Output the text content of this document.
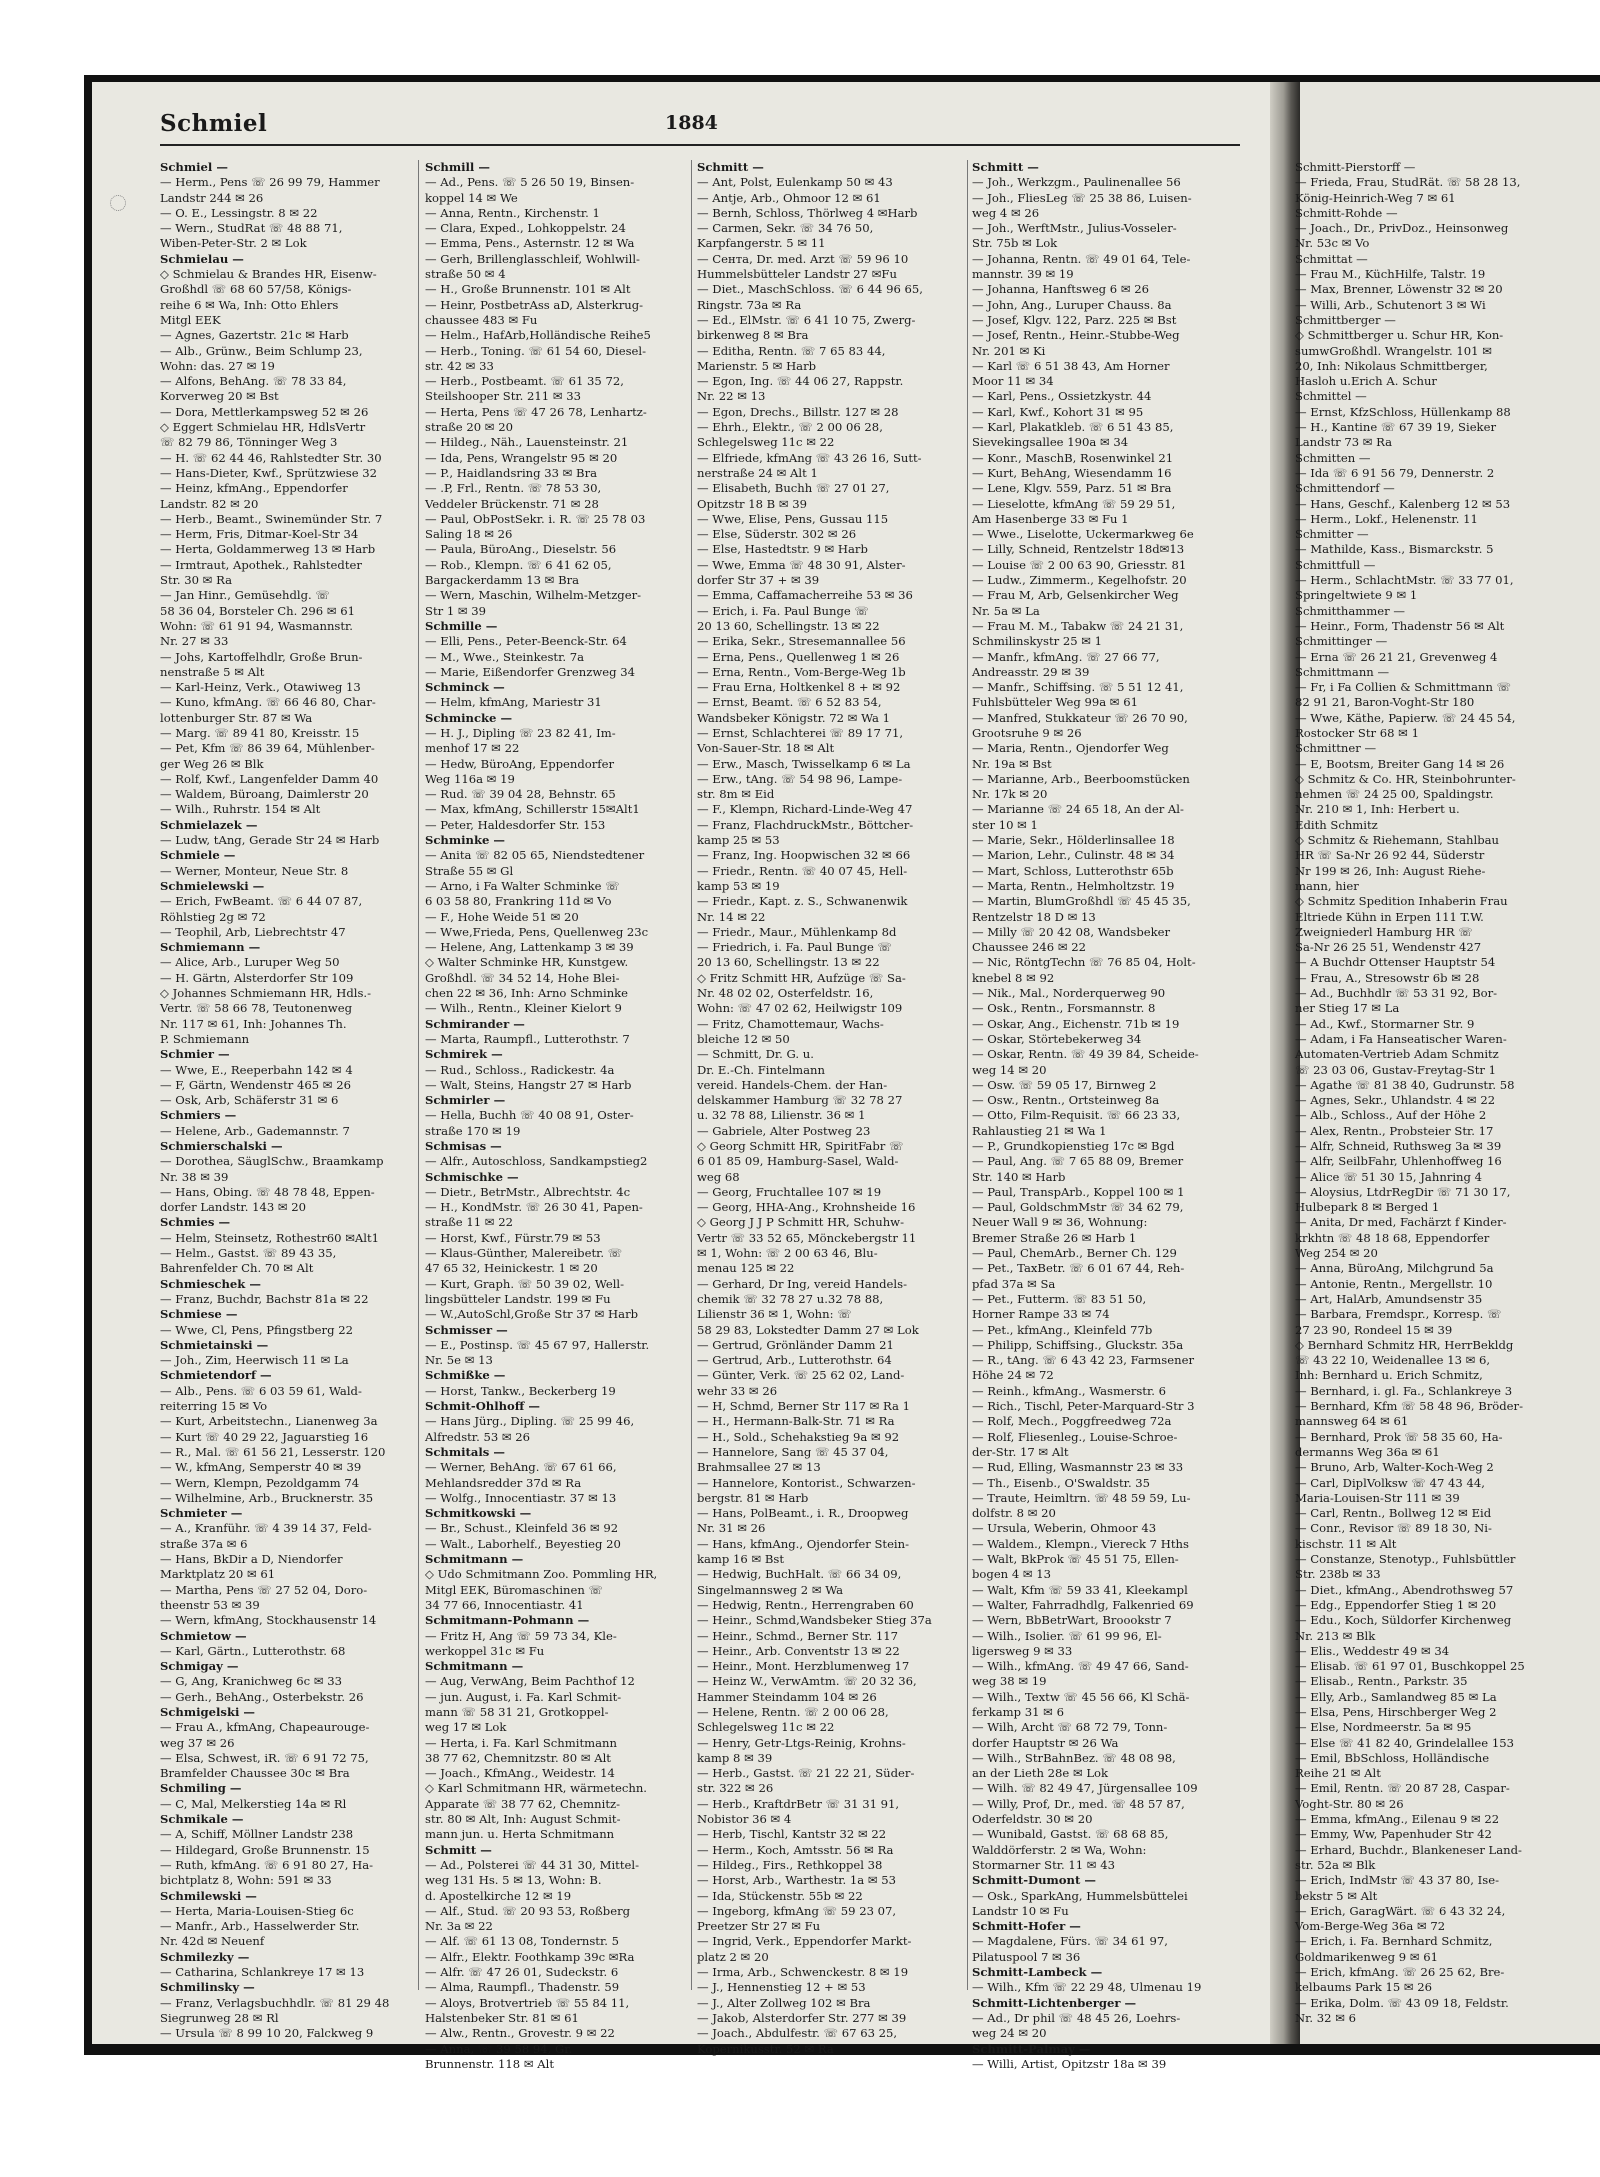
Schmiel	1884
Schmiel —
— Herm., Pens ☏ 26 99 79, Hammer
Landstr 244 ✉ 26
— O. E., Lessingstr. 8 ✉ 22
— Wern., StudRat ☏ 48 88 71,
Wiben-Peter-Str. 2 ✉ Lok
Schmielau —
◇ Schmielau & Brandes HR, Eisenw-
Großhdl ☏ 68 60 57/58, Königs-
reihe 6 ✉ Wa, Inh: Otto Ehlers
Mitgl EEK
— Agnes, Gazertstr. 21c ✉ Harb
— Alb., Grünw., Beim Schlump 23,
Wohn: das. 27 ✉ 19
— Alfons, BehAng. ☏ 78 33 84,
Korverweg 20 ✉ Bst
— Dora, Mettlerkampsweg 52 ✉ 26
◇ Eggert Schmielau HR, HdlsVertr
☏ 82 79 86, Tönninger Weg 3
— H. ☏ 62 44 46, Rahlstedter Str. 30
— Hans-Dieter, Kwf., Sprützwiese 32
— Heinz, kfmAng., Eppendorfer
Landstr. 82 ✉ 20
— Herb., Beamt., Swinemünder Str. 7
— Herm, Fris, Ditmar-Koel-Str 34
— Herta, Goldammerweg 13 ✉ Harb
— Irmtraut, Apothek., Rahlstedter
Str. 30 ✉ Ra
— Jan Hinr., Gemüsehdlg. ☏
58 36 04, Borsteler Ch. 296 ✉ 61
Wohn: ☏ 61 91 94, Wasmannstr.
Nr. 27 ✉ 33
— Johs, Kartoffelhdlr, Große Brun-
nenstraße 5 ✉ Alt
— Karl-Heinz, Verk., Otawiweg 13
— Kuno, kfmAng. ☏ 66 46 80, Char-
lottenburger Str. 87 ✉ Wa
— Marg. ☏ 89 41 80, Kreisstr. 15
— Pet, Kfm ☏ 86 39 64, Mühlenber-
ger Weg 26 ✉ Blk
— Rolf, Kwf., Langenfelder Damm 40
— Waldem, Büroang, Daimlerstr 20
— Wilh., Ruhrstr. 154 ✉ Alt
Schmielazek —
— Ludw, tAng, Gerade Str 24 ✉ Harb
Schmiele —
— Werner, Monteur, Neue Str. 8
Schmielewski —
— Erich, FwBeamt. ☏ 6 44 07 87,
Röhlstieg 2g ✉ 72
— Teophil, Arb, Liebrechtstr 47
Schmiemann —
— Alice, Arb., Luruper Weg 50
— H. Gärtn, Alsterdorfer Str 109
◇ Johannes Schmiemann HR, Hdls.-
Vertr. ☏ 58 66 78, Teutonenweg
Nr. 117 ✉ 61, Inh: Johannes Th.
P. Schmiemann
Schmier —
— Wwe, E., Reeperbahn 142 ✉ 4
— F, Gärtn, Wendenstr 465 ✉ 26
— Osk, Arb, Schäferstr 31 ✉ 6
Schmiers —
— Helene, Arb., Gademannstr. 7
Schmierschalski —
— Dorothea, SäuglSchw., Braamkamp
Nr. 38 ✉ 39
— Hans, Obing. ☏ 48 78 48, Eppen-
dorfer Landstr. 143 ✉ 20
Schmies —
— Helm, Steinsetz, Rothestr60 ✉Alt1
— Helm., Gastst. ☏ 89 43 35,
Bahrenfelder Ch. 70 ✉ Alt
Schmieschek —
— Franz, Buchdr, Bachstr 81a ✉ 22
Schmiese —
— Wwe, Cl, Pens, Pfingstberg 22
Schmietainski —
— Joh., Zim, Heerwisch 11 ✉ La
Schmietendorf —
— Alb., Pens. ☏ 6 03 59 61, Wald-
reiterring 15 ✉ Vo
— Kurt, Arbeitstechn., Lianenweg 3a
— Kurt ☏ 40 29 22, Jaguarstieg 16
— R., Mal. ☏ 61 56 21, Lesserstr. 120
— W., kfmAng, Semperstr 40 ✉ 39
— Wern, Klempn, Pezoldgamm 74
— Wilhelmine, Arb., Brucknerstr. 35
Schmieter —
— A., Kranführ. ☏ 4 39 14 37, Feld-
straße 37a ✉ 6
— Hans, BkDir a D, Niendorfer
Marktplatz 20 ✉ 61
— Martha, Pens ☏ 27 52 04, Doro-
theenstr 53 ✉ 39
— Wern, kfmAng, Stockhausenstr 14
Schmietow —
— Karl, Gärtn., Lutterothstr. 68
Schmigay —
— G, Ang, Kranichweg 6c ✉ 33
— Gerh., BehAng., Osterbekstr. 26
Schmigelski —
— Frau A., kfmAng, Chapeaurouge-
weg 37 ✉ 26
— Elsa, Schwest, iR. ☏ 6 91 72 75,
Bramfelder Chaussee 30c ✉ Bra
Schmiling —
— C, Mal, Melkerstieg 14a ✉ Rl
Schmikale —
— A, Schiff, Möllner Landstr 238
— Hildegard, Große Brunnenstr. 15
— Ruth, kfmAng. ☏ 6 91 80 27, Ha-
bichtplatz 8, Wohn: 591 ✉ 33
Schmilewski —
— Herta, Maria-Louisen-Stieg 6c
— Manfr., Arb., Hasselwerder Str.
Nr. 42d ✉ Neuenf
Schmilezky —
— Catharina, Schlankreye 17 ✉ 13
Schmilinsky —
— Franz, Verlagsbuchhdlr. ☏ 81 29 48
Siegrunweg 28 ✉ Rl
— Ursula ☏ 8 99 10 20, Falckweg 9
Schmill —
— Ad., Pens. ☏ 5 26 50 19, Binsen-
koppel 14 ✉ We
— Anna, Rentn., Kirchenstr. 1
— Clara, Exped., Lohkoppelstr. 24
— Emma, Pens., Asternstr. 12 ✉ Wa
— Gerh, Brillenglasschleif, Wohlwill-
straße 50 ✉ 4
— H., Große Brunnenstr. 101 ✉ Alt
— Heinr, PostbetrAss aD, Alsterkrug-
chaussee 483 ✉ Fu
— Helm., HafArb,Holländische Reihe5
— Herb., Toning. ☏ 61 54 60, Diesel-
str. 42 ✉ 33
— Herb., Postbeamt. ☏ 61 35 72,
Steilshooper Str. 211 ✉ 33
— Herta, Pens ☏ 47 26 78, Lenhartz-
straße 20 ✉ 20
— Hildeg., Näh., Lauensteinstr. 21
— Ida, Pens, Wrangelstr 95 ✉ 20
— P., Haidlandsring 33 ✉ Bra
— .P, Frl., Rentn. ☏ 78 53 30,
Veddeler Brückenstr. 71 ✉ 28
— Paul, ObPostSekr. i. R. ☏ 25 78 03
Saling 18 ✉ 26
— Paula, BüroAng., Dieselstr. 56
— Rob., Klempn. ☏ 6 41 62 05,
Bargackerdamm 13 ✉ Bra
— Wern, Maschin, Wilhelm-Metzger-
Str 1 ✉ 39
Schmille —
— Elli, Pens., Peter-Beenck-Str. 64
— M., Wwe., Steinkestr. 7a
— Marie, Eißendorfer Grenzweg 34
Schminck —
— Helm, kfmAng, Mariestr 31
Schmincke —
— H. J., Dipling ☏ 23 82 41, Im-
menhof 17 ✉ 22
— Hedw, BüroAng, Eppendorfer
Weg 116a ✉ 19
— Rud. ☏ 39 04 28, Behnstr. 65
— Max, kfmAng, Schillerstr 15✉Alt1
— Peter, Haldesdorfer Str. 153
Schminke —
— Anita ☏ 82 05 65, Niendstedtener
Straße 55 ✉ Gl
— Arno, i Fa Walter Schminke ☏
6 03 58 80, Frankring 11d ✉ Vo
— F., Hohe Weide 51 ✉ 20
— Wwe,Frieda, Pens, Quellenweg 23c
— Helene, Ang, Lattenkamp 3 ✉ 39
◇ Walter Schminke HR, Kunstgew.
Großhdl. ☏ 34 52 14, Hohe Blei-
chen 22 ✉ 36, Inh: Arno Schminke
— Wilh., Rentn., Kleiner Kielort 9
Schmirander —
— Marta, Raumpfl., Lutterothstr. 7
Schmirek —
— Rud., Schloss., Radickestr. 4a
— Walt, Steins, Hangstr 27 ✉ Harb
Schmirler —
— Hella, Buchh ☏ 40 08 91, Oster-
straße 170 ✉ 19
Schmisas —
— Alfr., Autoschloss, Sandkampstieg2
Schmischke —
— Dietr., BetrMstr., Albrechtstr. 4c
— H., KondMstr. ☏ 26 30 41, Papen-
straße 11 ✉ 22
— Horst, Kwf., Fürstr.79 ✉ 53
— Klaus-Günther, Malereibetr. ☏
47 65 32, Heinickestr. 1 ✉ 20
— Kurt, Graph. ☏ 50 39 02, Well-
lingsbütteler Landstr. 199 ✉ Fu
— W.,AutoSchl,Große Str 37 ✉ Harb
Schmisser —
— E., Postinsp. ☏ 45 67 97, Hallerstr.
Nr. 5e ✉ 13
Schmißke —
— Horst, Tankw., Beckerberg 19
Schmit-Ohlhoff —
— Hans Jürg., Dipling. ☏ 25 99 46,
Alfredstr. 53 ✉ 26
Schmitals —
— Werner, BehAng. ☏ 67 61 66,
Mehlandsredder 37d ✉ Ra
— Wolfg., Innocentiastr. 37 ✉ 13
Schmitkowski —
— Br., Schust., Kleinfeld 36 ✉ 92
— Walt., Laborhelf., Beyestieg 20
Schmitmann —
◇ Udo Schmitmann Zoo. Pommling HR,
Mitgl EEK, Büromaschinen ☏
34 77 66, Innocentiastr. 41
Schmitmann-Pohmann —
— Fritz H, Ang ☏ 59 73 34, Kle-
werkoppel 31c ✉ Fu
Schmitmann —
— Aug, VerwAng, Beim Pachthof 12
— jun. August, i. Fa. Karl Schmit-
mann ☏ 58 31 21, Grotkoppel-
weg 17 ✉ Lok
— Herta, i. Fa. Karl Schmitmann
38 77 62, Chemnitzstr. 80 ✉ Alt
— Joach., KfmAng., Weidestr. 14
◇ Karl Schmitmann HR, wärmetechn.
Apparate ☏ 38 77 62, Chemnitz-
str. 80 ✉ Alt, Inh: August Schmit-
mann jun. u. Herta Schmitmann
Schmitt —
— Ad., Polsterei ☏ 44 31 30, Mittel-
weg 131 Hs. 5 ✉ 13, Wohn: B.
d. Apostelkirche 12 ✉ 19
— Alf., Stud. ☏ 20 93 53, Roßberg
Nr. 3a ✉ 22
— Alf. ☏ 61 13 08, Tondernstr. 5
— Alfr., Elektr. Foothkamp 39c ✉Ra
— Alfr. ☏ 47 26 01, Sudeckstr. 6
— Alma, Raumpfl., Thadenstr. 59
— Aloys, Brotvertrieb ☏ 55 84 11,
Halstenbeker Str. 81 ✉ 61
— Alw., Rentn., Grovestr. 9 ✉ 22
— Anna, ☏ 39 58 94, Gr.
Brunnenstr. 118 ✉ Alt
Schmitt —
— Ant, Polst, Eulenkamp 50 ✉ 43
— Antje, Arb., Ohmoor 12 ✉ 61
— Bernh, Schloss, Thörlweg 4 ✉Harb
— Carmen, Sekr. ☏ 34 76 50,
Karpfangerstr. 5 ✉ 11
— Cента, Dr. med. Arzt ☏ 59 96 10
Hummelsbütteler Landstr 27 ✉Fu
— Diet., MaschSchloss. ☏ 6 44 96 65,
Ringstr. 73a ✉ Ra
— Ed., ElMstr. ☏ 6 41 10 75, Zwerg-
birkenweg 8 ✉ Bra
— Editha, Rentn. ☏ 7 65 83 44,
Marienstr. 5 ✉ Harb
— Egon, Ing. ☏ 44 06 27, Rappstr.
Nr. 22 ✉ 13
— Egon, Drechs., Billstr. 127 ✉ 28
— Ehrh., Elektr., ☏ 2 00 06 28,
Schlegelsweg 11c ✉ 22
— Elfriede, kfmAng ☏ 43 26 16, Sutt-
nerstraße 24 ✉ Alt 1
— Elisabeth, Buchh ☏ 27 01 27,
Opitzstr 18 B ✉ 39
— Wwe, Elise, Pens, Gussau 115
— Else, Süderstr. 302 ✉ 26
— Else, Hastedtstr. 9 ✉ Harb
— Wwe, Emma ☏ 48 30 91, Alster-
dorfer Str 37 + ✉ 39
— Emma, Caffamacherreihe 53 ✉ 36
— Erich, i. Fa. Paul Bunge ☏
20 13 60, Schellingstr. 13 ✉ 22
— Erika, Sekr., Stresemannallee 56
— Erna, Pens., Quellenweg 1 ✉ 26
— Erna, Rentn., Vom-Berge-Weg 1b
— Frau Erna, Holtkenkel 8 + ✉ 92
— Ernst, Beamt. ☏ 6 52 83 54,
Wandsbeker Königstr. 72 ✉ Wa 1
— Ernst, Schlachterei ☏ 89 17 71,
Von-Sauer-Str. 18 ✉ Alt
— Erw., Masch, Twisselkamp 6 ✉ La
— Erw., tAng. ☏ 54 98 96, Lampe-
str. 8m ✉ Eid
— F., Klempn, Richard-Linde-Weg 47
— Franz, FlachdruckMstr., Böttcher-
kamp 25 ✉ 53
— Franz, Ing. Hoopwischen 32 ✉ 66
— Friedr., Rentn. ☏ 40 07 45, Hell-
kamp 53 ✉ 19
— Friedr., Kapt. z. S., Schwanenwik
Nr. 14 ✉ 22
— Friedr., Maur., Mühlenkamp 8d
— Friedrich, i. Fa. Paul Bunge ☏
20 13 60, Schellingstr. 13 ✉ 22
◇ Fritz Schmitt HR, Aufzüge ☏ Sa-
Nr. 48 02 02, Osterfeldstr. 16,
Wohn: ☏ 47 02 62, Heilwigstr 109
— Fritz, Chamottemaur, Wachs-
bleiche 12 ✉ 50
— Schmitt, Dr. G. u.
Dr. E.-Ch. Fintelmann
vereid. Handels-Chem. der Han-
delskammer Hamburg ☏ 32 78 27
u. 32 78 88, Lilienstr. 36 ✉ 1
— Gabriele, Alter Postweg 23
◇ Georg Schmitt HR, SpiritFabr ☏
6 01 85 09, Hamburg-Sasel, Wald-
weg 68
— Georg, Fruchtallee 107 ✉ 19
— Georg, HHA-Ang., Krohnsheide 16
◇ Georg J J P Schmitt HR, Schuhw-
Vertr ☏ 33 52 65, Mönckebergstr 11
✉ 1, Wohn: ☏ 2 00 63 46, Blu-
menau 125 ✉ 22
— Gerhard, Dr Ing, vereid Handels-
chemik ☏ 32 78 27 u.32 78 88,
Lilienstr 36 ✉ 1, Wohn: ☏
58 29 83, Lokstedter Damm 27 ✉ Lok
— Gertrud, Grönländer Damm 21
— Gertrud, Arb., Lutterothstr. 64
— Günter, Verk. ☏ 25 62 02, Land-
wehr 33 ✉ 26
— H, Schmd, Berner Str 117 ✉ Ra 1
— H., Hermann-Balk-Str. 71 ✉ Ra
— H., Sold., Schehakstieg 9a ✉ 92
— Hannelore, Sang ☏ 45 37 04,
Brahmsallee 27 ✉ 13
— Hannelore, Kontorist., Schwarzen-
bergstr. 81 ✉ Harb
— Hans, PolBeamt., i. R., Droopweg
Nr. 31 ✉ 26
— Hans, kfmAng., Ojendorfer Stein-
kamp 16 ✉ Bst
— Hedwig, BuchHalt. ☏ 66 34 09,
Singelmannsweg 2 ✉ Wa
— Hedwig, Rentn., Herrengraben 60
— Heinr., Schmd,Wandsbeker Stieg 37a
— Heinr., Schmd., Berner Str. 117
— Heinr., Arb. Conventstr 13 ✉ 22
— Heinr., Mont. Herzblumenweg 17
— Heinz W., VerwAmtm. ☏ 20 32 36,
Hammer Steindamm 104 ✉ 26
— Helene, Rentn. ☏ 2 00 06 28,
Schlegelsweg 11c ✉ 22
— Henry, Getr-Ltgs-Reinig, Krohns-
kamp 8 ✉ 39
— Herb., Gastst. ☏ 21 22 21, Süder-
str. 322 ✉ 26
— Herb., KraftdrBetr ☏ 31 31 91,
Nobistor 36 ✉ 4
— Herb, Tischl, Kantstr 32 ✉ 22
— Herm., Koch, Amtsstr. 56 ✉ Ra
— Hildeg., Firs., Rethkoppel 38
— Horst, Arb., Warthestr. 1a ✉ 53
— Ida, Stückenstr. 55b ✉ 22
— Ingeborg, kfmAng ☏ 59 23 07,
Preetzer Str 27 ✉ Fu
— Ingrid, Verk., Eppendorfer Markt-
platz 2 ✉ 20
— Irma, Arb., Schwenckestr. 8 ✉ 19
— J., Hennenstieg 12 + ✉ 53
— J., Alter Zollweg 102 ✉ Bra
— Jakob, Alsterdorfer Str. 277 ✉ 39
— Joach., Abdulfestr. ☏ 67 63 25,
Kopernikusstr. 52 ✉ Ra
Schmitt —
— Joh., Werkzgm., Paulinenallee 56
— Joh., FliesLeg ☏ 25 38 86, Luisen-
weg 4 ✉ 26
— Joh., WerftMstr., Julius-Vosseler-
Str. 75b ✉ Lok
— Johanna, Rentn. ☏ 49 01 64, Tele-
mannstr. 39 ✉ 19
— Johanna, Hanftsweg 6 ✉ 26
— John, Ang., Luruper Chauss. 8a
— Josef, Klgv. 122, Parz. 225 ✉ Bst
— Josef, Rentn., Heinr.-Stubbe-Weg
Nr. 201 ✉ Ki
— Karl ☏ 6 51 38 43, Am Horner
Moor 11 ✉ 34
— Karl, Pens., Ossietzkystr. 44
— Karl, Kwf., Kohort 31 ✉ 95
— Karl, Plakatkleb. ☏ 6 51 43 85,
Sievekingsallee 190a ✉ 34
— Konr., MaschB, Rosenwinkel 21
— Kurt, BehAng, Wiesendamm 16
— Lene, Klgv. 559, Parz. 51 ✉ Bra
— Lieselotte, kfmAng ☏ 59 29 51,
Am Hasenberge 33 ✉ Fu 1
— Wwe., Liselotte, Uckermarkweg 6e
— Lilly, Schneid, Rentzelstr 18d✉13
— Louise ☏ 2 00 63 90, Griesstr. 81
— Ludw., Zimmerm., Kegelhofstr. 20
— Frau M, Arb, Gelsenkircher Weg
Nr. 5a ✉ La
— Frau M. M., Tabakw ☏ 24 21 31,
Schmilinskystr 25 ✉ 1
— Manfr., kfmAng. ☏ 27 66 77,
Andreasstr. 29 ✉ 39
— Manfr., Schiffsing. ☏ 5 51 12 41,
Fuhlsbütteler Weg 99a ✉ 61
— Manfred, Stukkateur ☏ 26 70 90,
Grootsruhe 9 ✉ 26
— Maria, Rentn., Ojendorfer Weg
Nr. 19a ✉ Bst
— Marianne, Arb., Beerboomstücken
Nr. 17k ✉ 20
— Marianne ☏ 24 65 18, An der Al-
ster 10 ✉ 1
— Marie, Sekr., Hölderlinsallee 18
— Marion, Lehr., Culinstr. 48 ✉ 34
— Mart, Schloss, Lutterothstr 65b
— Marta, Rentn., Helmholtzstr. 19
— Martin, BlumGroßhdl ☏ 45 45 35,
Rentzelstr 18 D ✉ 13
— Milly ☏ 20 42 08, Wandsbeker
Chaussee 246 ✉ 22
— Nic, RöntgTechn ☏ 76 85 04, Holt-
knebel 8 ✉ 92
— Nik., Mal., Norderquerweg 90
— Osk., Rentn., Forsmannstr. 8
— Oskar, Ang., Eichenstr. 71b ✉ 19
— Oskar, Störtebekerweg 34
— Oskar, Rentn. ☏ 49 39 84, Scheide-
weg 14 ✉ 20
— Osw. ☏ 59 05 17, Birnweg 2
— Osw., Rentn., Ortsteinweg 8a
— Otto, Film-Requisit. ☏ 66 23 33,
Rahlaustieg 21 ✉ Wa 1
— P., Grundkopienstieg 17c ✉ Bgd
— Paul, Ang. ☏ 7 65 88 09, Bremer
Str. 140 ✉ Harb
— Paul, TranspArb., Koppel 100 ✉ 1
— Paul, GoldschmMstr ☏ 34 62 79,
Neuer Wall 9 ✉ 36, Wohnung:
Bremer Straße 26 ✉ Harb 1
— Paul, ChemArb., Berner Ch. 129
— Pet., TaxBetr. ☏ 6 01 67 44, Reh-
pfad 37a ✉ Sa
— Pet., Futterm. ☏ 83 51 50,
Horner Rampe 33 ✉ 74
— Pet., kfmAng., Kleinfeld 77b
— Philipp, Schiffsing., Gluckstr. 35a
— R., tAng. ☏ 6 43 42 23, Farmsener
Höhe 24 ✉ 72
— Reinh., kfmAng., Wasmerstr. 6
— Rich., Tischl, Peter-Marquard-Str 3
— Rolf, Mech., Poggfreedweg 72a
— Rolf, Fliesenleg., Louise-Schroe-
der-Str. 17 ✉ Alt
— Rud, Elling, Wasmannstr 23 ✉ 33
— Th., Eisenb., O'Swaldstr. 35
— Traute, Heimltrn. ☏ 48 59 59, Lu-
dolfstr. 8 ✉ 20
— Ursula, Weberin, Ohmoor 43
— Waldem., Klempn., Viereck 7 Hths
— Walt, BkProk ☏ 45 51 75, Ellen-
bogen 4 ✉ 13
— Walt, Kfm ☏ 59 33 41, Kleekampl
— Walter, Fahrradhdlg, Falkenried 69
— Wern, BbBetrWart, Broookstr 7
— Wilh., Isolier. ☏ 61 99 96, El-
ligersweg 9 ✉ 33
— Wilh., kfmAng. ☏ 49 47 66, Sand-
weg 38 ✉ 19
— Wilh., Textw ☏ 45 56 66, Kl Schä-
ferkamp 31 ✉ 6
— Wilh, Archt ☏ 68 72 79, Tonn-
dorfer Hauptstr ✉ 26 Wa
— Wilh., StrBahnBez. ☏ 48 08 98,
an der Lieth 28e ✉ Lok
— Wilh. ☏ 82 49 47, Jürgensallee 109
— Willy, Prof, Dr., med. ☏ 48 57 87,
Oderfeldstr. 30 ✉ 20
— Wunibald, Gastst. ☏ 68 68 85,
Walddörferstr. 2 ✉ Wa, Wohn:
Stormarner Str. 11 ✉ 43
Schmitt-Dumont —
— Osk., SparkAng, Hummelsbüttelei
Landstr 10 ✉ Fu
Schmitt-Hofer —
— Magdalene, Fürs. ☏ 34 61 97,
Pilatuspool 7 ✉ 36
Schmitt-Lambeck —
— Wilh., Kfm ☏ 22 29 48, Ulmenau 19
Schmitt-Lichtenberger —
— Ad., Dr phil ☏ 48 45 26, Loehrs-
weg 24 ✉ 20
Schmitt-Palmay —
— Willi, Artist, Opitzstr 18a ✉ 39
Schmitt-Pierstorff —
— Frieda, Frau, StudRät. ☏ 58 28 13,
König-Heinrich-Weg 7 ✉ 61
Schmitt-Rohde —
— Joach., Dr., PrivDoz., Heinsonweg
Nr. 53c ✉ Vo
Schmittat —
— Frau M., KüchHilfe, Talstr. 19
— Max, Brenner, Löwenstr 32 ✉ 20
— Willi, Arb., Schutenort 3 ✉ Wi
Schmittberger —
◇ Schmittberger u. Schur HR, Kon-
sumwGroßhdl. Wrangelstr. 101 ✉
20, Inh: Nikolaus Schmittberger,
Hasloh u.Erich A. Schur
Schmittel —
— Ernst, KfzSchloss, Hüllenkamp 88
— H., Kantine ☏ 67 39 19, Sieker
Landstr 73 ✉ Ra
Schmitten —
— Ida ☏ 6 91 56 79, Dennerstr. 2
Schmittendorf —
— Hans, Geschf., Kalenberg 12 ✉ 53
— Herm., Lokf., Helenenstr. 11
Schmitter —
— Mathilde, Kass., Bismarckstr. 5
Schmittfull —
— Herm., SchlachtMstr. ☏ 33 77 01,
Springeltwiete 9 ✉ 1
Schmitthammer —
— Heinr., Form, Thadenstr 56 ✉ Alt
Schmittinger —
— Erna ☏ 26 21 21, Grevenweg 4
Schmittmann —
— Fr, i Fa Collien & Schmittmann ☏
82 91 21, Baron-Voght-Str 180
— Wwe, Käthe, Papierw. ☏ 24 45 54,
Rostocker Str 68 ✉ 1
Schmittner —
— E, Bootsm, Breiter Gang 14 ✉ 26
◇ Schmitz & Co. HR, Steinbohrunter-
nehmen ☏ 24 25 00, Spaldingstr.
Nr. 210 ✉ 1, Inh: Herbert u.
Edith Schmitz
◇ Schmitz & Riehemann, Stahlbau
HR ☏ Sa-Nr 26 92 44, Süderstr
Nr 199 ✉ 26, Inh: August Riehe-
mann, hier
◇ Schmitz Spedition Inhaberin Frau
Eltriede Kühn in Erpen 111 T.W.
Zweigniederl Hamburg HR ☏
Sa-Nr 26 25 51, Wendenstr 427
— A Buchdr Ottenser Hauptstr 54
— Frau, A., Stresowstr 6b ✉ 28
— Ad., Buchhdlr ☏ 53 31 92, Bor-
ner Stieg 17 ✉ La
— Ad., Kwf., Stormarner Str. 9
— Adam, i Fa Hanseatischer Waren-
Automaten-Vertrieb Adam Schmitz
☏ 23 03 06, Gustav-Freytag-Str 1
— Agathe ☏ 81 38 40, Gudrunstr. 58
— Agnes, Sekr., Uhlandstr. 4 ✉ 22
— Alb., Schloss., Auf der Höhe 2
— Alex, Rentn., Probsteier Str. 17
— Alfr, Schneid, Ruthsweg 3a ✉ 39
— Alfr, SeilbFahr, Uhlenhoffweg 16
— Alice ☏ 51 30 15, Jahnring 4
— Aloysius, LtdrRegDir ☏ 71 30 17,
Hulbepark 8 ✉ Berged 1
— Anita, Dr med, Fachärzt f Kinder-
krkhtn ☏ 48 18 68, Eppendorfer
Weg 254 ✉ 20
— Anna, BüroAng, Milchgrund 5a
— Antonie, Rentn., Mergellstr. 10
— Art, HalArb, Amundsenstr 35
— Barbara, Fremdspr., Korresp. ☏
27 23 90, Rondeel 15 ✉ 39
◇ Bernhard Schmitz HR, HerrBekldg
☏ 43 22 10, Weidenallee 13 ✉ 6,
Inh: Bernhard u. Erich Schmitz,
— Bernhard, i. gl. Fa., Schlankreye 3
— Bernhard, Kfm ☏ 58 48 96, Bröder-
mannsweg 64 ✉ 61
— Bernhard, Prok ☏ 58 35 60, Ha-
dermanns Weg 36a ✉ 61
— Bruno, Arb, Walter-Koch-Weg 2
— Carl, DiplVolksw ☏ 47 43 44,
Maria-Louisen-Str 111 ✉ 39
— Carl, Rentn., Bollweg 12 ✉ Eid
— Conr., Revisor ☏ 89 18 30, Ni-
kischstr. 11 ✉ Alt
— Constanze, Stenotyp., Fuhlsbüttler
Str. 238b ✉ 33
— Diet., kfmAng., Abendrothsweg 57
— Edg., Eppendorfer Stieg 1 ✉ 20
— Edu., Koch, Süldorfer Kirchenweg
Nr. 213 ✉ Blk
— Elis., Weddestr 49 ✉ 34
— Elisab. ☏ 61 97 01, Buschkoppel 25
— Elisab., Rentn., Parkstr. 35
— Elly, Arb., Samlandweg 85 ✉ La
— Elsa, Pens, Hirschberger Weg 2
— Else, Nordmeerstr. 5a ✉ 95
— Else ☏ 41 82 40, Grindelallee 153
— Emil, BbSchloss, Holländische
Reihe 21 ✉ Alt
— Emil, Rentn. ☏ 20 87 28, Caspar-
Voght-Str. 80 ✉ 26
— Emma, kfmAng., Eilenau 9 ✉ 22
— Emmy, Ww, Papenhuder Str 42
— Erhard, Buchdr., Blankeneser Land-
str. 52a ✉ Blk
— Erich, IndMstr ☏ 43 37 80, Ise-
bekstr 5 ✉ Alt
— Erich, GaragWärt. ☏ 6 43 32 24,
Vom-Berge-Weg 36a ✉ 72
— Erich, i. Fa. Bernhard Schmitz,
Goldmarikenweg 9 ✉ 61
— Erich, kfmAng. ☏ 26 25 62, Bre-
kelbaums Park 15 ✉ 26
— Erika, Dolm. ☏ 43 09 18, Feldstr.
Nr. 32 ✉ 6
